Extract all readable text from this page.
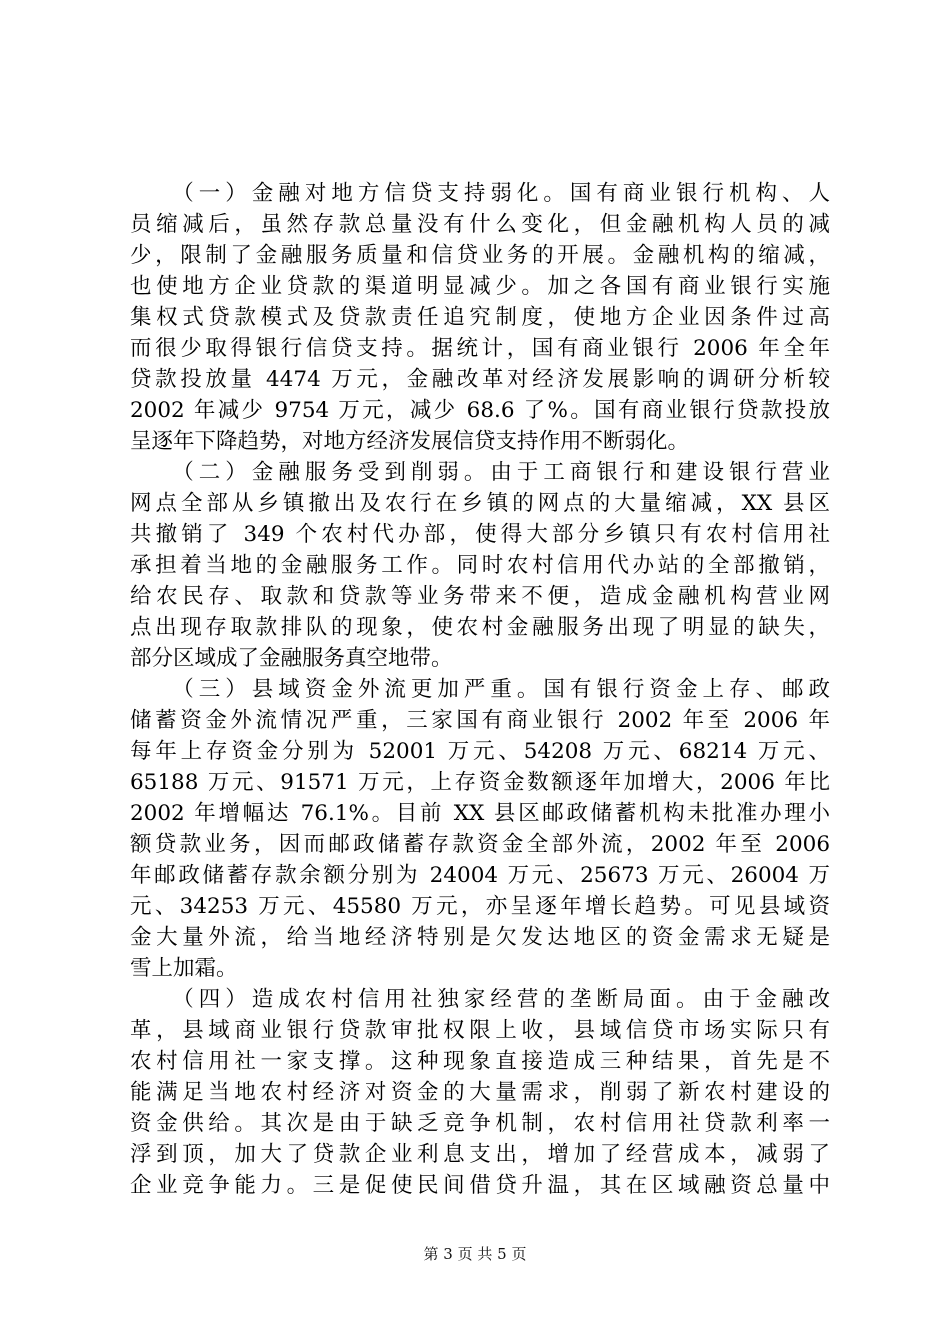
　　（一）金融对地方信贷支持弱化。国有商业银行机构、人
员缩减后，虽然存款总量没有什么变化，但金融机构人员的减
少，限制了金融服务质量和信贷业务的开展。金融机构的缩减，
也使地方企业贷款的渠道明显减少。加之各国有商业银行实施
集权式贷款模式及贷款责任追究制度，使地方企业因条件过高
而很少取得银行信贷支持。据统计，国有商业银行 2006 年全年
贷款投放量 4474 万元，金融改革对经济发展影响的调研分析较
2002 年减少 9754 万元，减少 68.6 了%。国有商业银行贷款投放
呈逐年下降趋势，对地方经济发展信贷支持作用不断弱化。
　　（二）金融服务受到削弱。由于工商银行和建设银行营业
网点全部从乡镇撤出及农行在乡镇的网点的大量缩减，XX 县区
共撤销了 349 个农村代办部，使得大部分乡镇只有农村信用社
承担着当地的金融服务工作。同时农村信用代办站的全部撤销，
给农民存、取款和贷款等业务带来不便，造成金融机构营业网
点出现存取款排队的现象，使农村金融服务出现了明显的缺失，
部分区域成了金融服务真空地带。
　　（三）县域资金外流更加严重。国有银行资金上存、邮政
储蓄资金外流情况严重，三家国有商业银行 2002 年至 2006 年
每年上存资金分别为 52001 万元、54208 万元、68214 万元、
65188 万元、91571 万元，上存资金数额逐年加增大，2006 年比
2002 年增幅达 76.1%。目前 XX 县区邮政储蓄机构未批准办理小
额贷款业务，因而邮政储蓄存款资金全部外流，2002 年至 2006
年邮政储蓄存款余额分别为 24004 万元、25673 万元、26004 万
元、34253 万元、45580 万元，亦呈逐年增长趋势。可见县域资
金大量外流，给当地经济特别是欠发达地区的资金需求无疑是
雪上加霜。
　　（四）造成农村信用社独家经营的垄断局面。由于金融改
革，县域商业银行贷款审批权限上收，县域信贷市场实际只有
农村信用社一家支撑。这种现象直接造成三种结果，首先是不
能满足当地农村经济对资金的大量需求，削弱了新农村建设的
资金供给。其次是由于缺乏竞争机制，农村信用社贷款利率一
浮到顶，加大了贷款企业利息支出，增加了经营成本，减弱了
企业竞争能力。三是促使民间借贷升温，其在区域融资总量中
第 3 页 共 5 页
